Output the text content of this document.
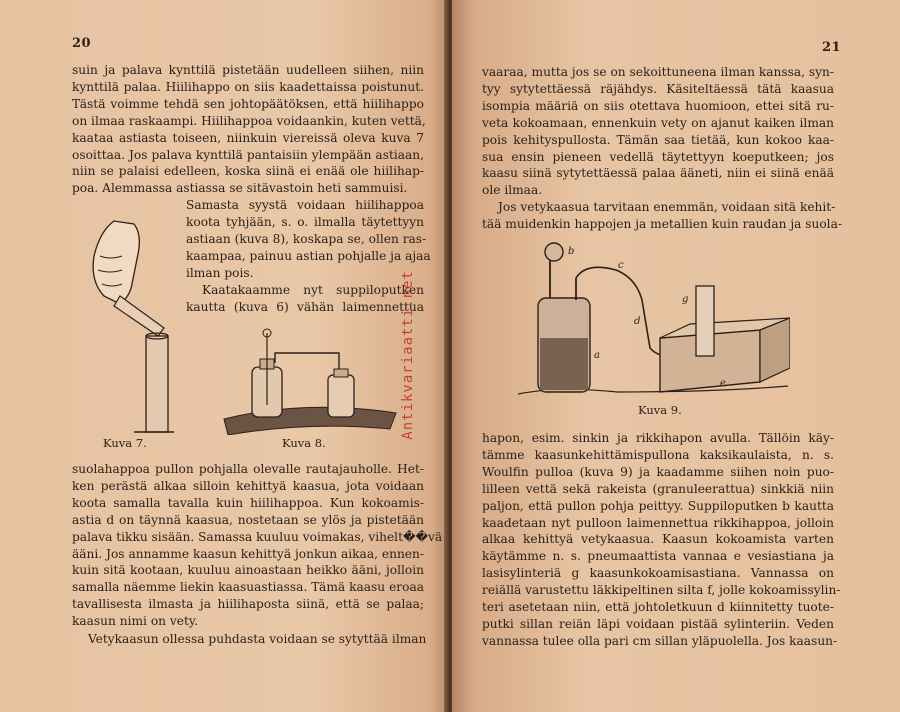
20
suin ja palava kynttilä pistetään uudelleen siihen, niin
kynttilä palaa. Hiilihappo on siis kaadettaissa poistunut.
Tästä voimme tehdä sen johtopäätöksen, että hiilihappo
on ilmaa raskaampi. Hiilihappoa voidaankin, kuten vettä,
kaataa astiasta toiseen, niinkuin viereissä oleva kuva 7
osoittaa. Jos palava kynttilä pantaisiin ylempään astiaan,
niin se palaisi edelleen, koska siinä ei enää ole hiilihap-
poa. Alemmassa astiassa se sitävastoin heti sammuisi.
Samasta syystä voidaan hiilihappoa
koota tyhjään, s. o. ilmalla täytettyyn
astiaan (kuva 8), koskapa se, ollen ras-
kaampaa, painuu astian pohjalle ja ajaa
ilman pois.
Kaatakaamme nyt suppiloputken
kautta (kuva 6) vähän laimennettua
Kuva 7.	Kuva 8.
suolahappoa pullon pohjalla olevalle rautajauholle. Het-
ken perästä alkaa silloin kehittyä kaasua, jota voidaan
koota samalla tavalla kuin hiilihappoa. Kun kokoamis-
astia d on täynnä kaasua, nostetaan se ylös ja pistetään
palava tikku sisään. Samassa kuuluu voimakas, vihelt��vä
ääni. Jos annamme kaasun kehittyä jonkun aikaa, ennen-
kuin sitä kootaan, kuuluu ainoastaan heikko ääni, jolloin
samalla näemme liekin kaasuastiassa. Tämä kaasu eroaa
tavallisesta ilmasta ja hiilihaposta siinä, että se palaa;
kaasun nimi on vety.
Vetykaasun ollessa puhdasta voidaan se sytyttää ilman
21
vaaraa, mutta jos se on sekoittuneena ilman kanssa, syn-
tyy sytytettäessä räjähdys. Käsiteltäessä tätä kaasua
isompia määriä on siis otettava huomioon, ettei sitä ru-
veta kokoamaan, ennenkuin vety on ajanut kaiken ilman
pois kehityspullosta. Tämän saa tietää, kun kokoo kaa-
sua ensin pieneen vedellä täytettyyn koeputkeen; jos
kaasu siinä sytytettäessä palaa ääneti, niin ei siinä enää
ole ilmaa.
Jos vetykaasua tarvitaan enemmän, voidaan sitä kehit-
tää muidenkin happojen ja metallien kuin raudan ja suola-
b
c
d
a
g
e
Kuva 9.
hapon, esim. sinkin ja rikkihapon avulla. Tällöin käy-
tämme kaasunkehittämispullona kaksikaulaista, n. s.
Woulfin pulloa (kuva 9) ja kaadamme siihen noin puo-
lilleen vettä sekä rakeista (granuleerattua) sinkkiä niin
paljon, että pullon pohja peittyy. Suppiloputken b kautta
kaadetaan nyt pulloon laimennettua rikkihappoa, jolloin
alkaa kehittyä vetykaasua. Kaasun kokoamista varten
käytämme n. s. pneumaattista vannaa e vesiastiana ja
lasisylinteriä g kaasunkokoamisastiana. Vannassa on
reiällä varustettu läkkipeltinen silta f, jolle kokoamissylin-
teri asetetaan niin, että johtoletkuun d kiinnitetty tuote-
putki sillan reiän läpi voidaan pistää sylinteriin. Veden
vannassa tulee olla pari cm sillan yläpuolella. Jos kaasun-
Antikvariaatti.net
